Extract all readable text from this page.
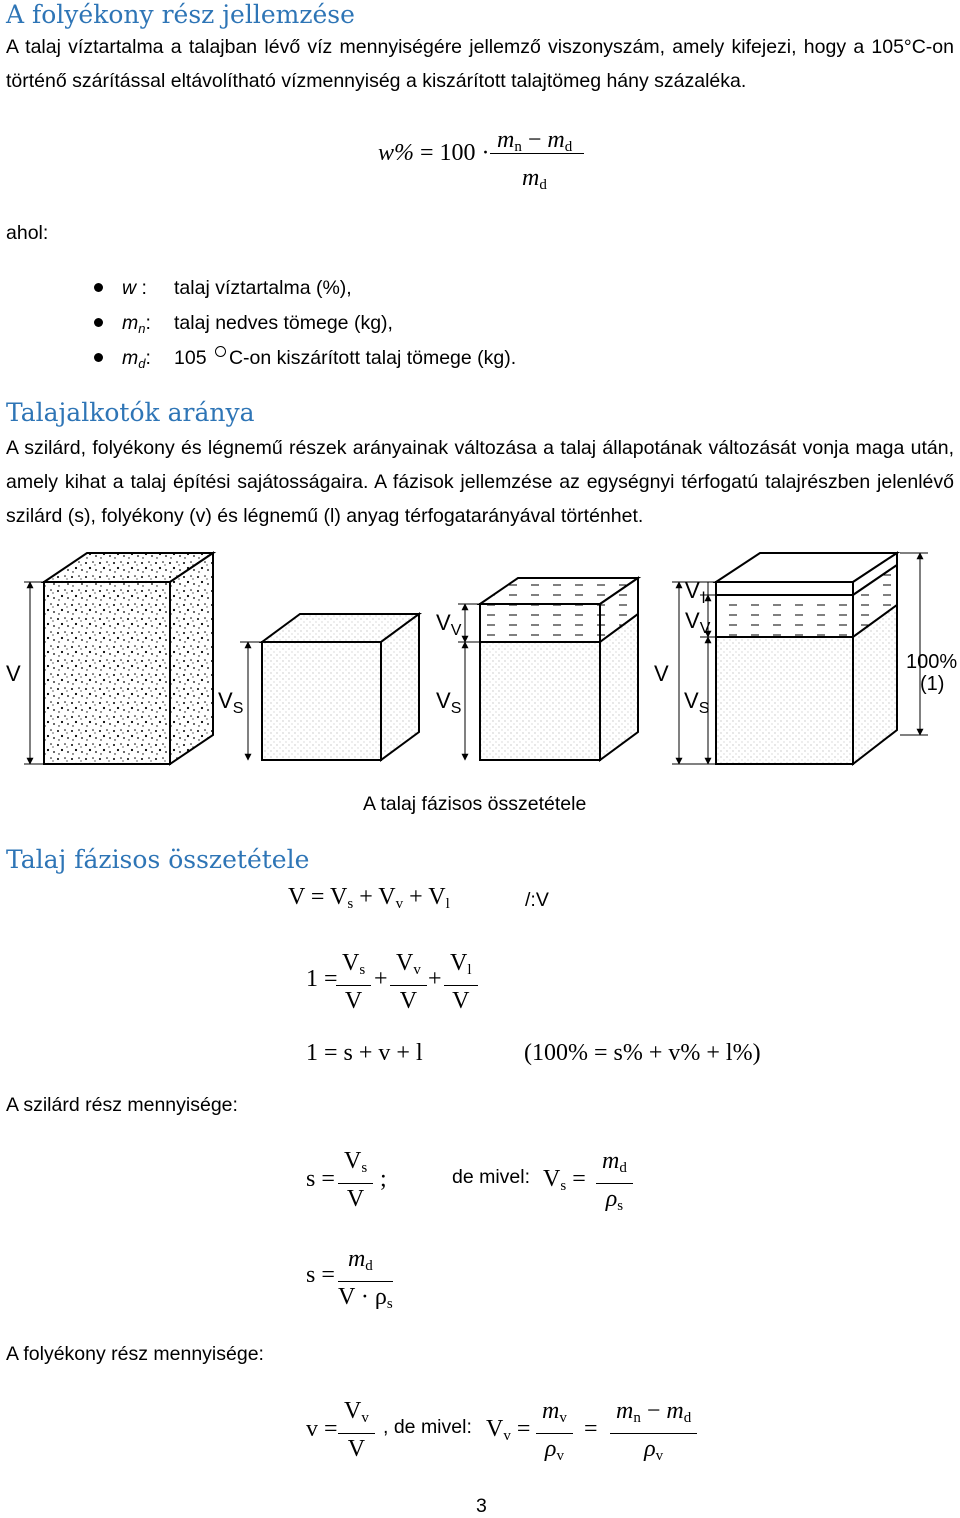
A folyékony rész jellemzése

A talaj víztartalma a talajban lévő víz mennyiségére jellemző viszonyszám, amely kifejezi, hogy a 105°C-on történő szárítással eltávolítható vízmennyiség a kiszárított talajtömeg hány százaléka.

$w\% = 100 \cdot m_n - m_d$
$m_d$
ahol:
w : talaj víztartalma (%),
$m_n$: talaj nedves tömege (kg),
$m_d$: 105 C-on kiszárított talaj tömege (kg).
Talajalkotók aránya

A szilárd, folyékony és légnemű részek arányainak változása a talaj állapotának változását vonja maga után, amely kihat a talaj építési sajátosságaira. A fázisok jellemzése az egységnyi térfogatú talajrészben jelenlévő szilárd (s), folyékony (v) és légnemű (l) anyag térfogatarányával történhet.

V
$V_S$
$V_V$
$V_S$
V $_l$
$V_V$
V
$V_S$
100%
(1)
A talaj fázisos összetétele
Talaj fázisos összetétele
$V = V_s + V_v + V_l$	/:V
1 =
$\frac{V_s}{V} + \frac{V_v}{V} + \frac{V_l}{V}$
1 = s + v + l	(100% = s% + v% + l%)
A szilárd rész mennyisége:
$s = \frac{V_s}{V}$ ;	de mivel: $V_s = \frac{m_d}{\rho_s}$
$s = \frac{m_d}{V \cdot \rho_s}$
A folyékony rész mennyisége:
$v = \frac{V_v}{V}$ , de mivel: $V_v = \frac{m_v}{\rho_v} = \frac{m_n - m_d}{\rho_v}$
3
